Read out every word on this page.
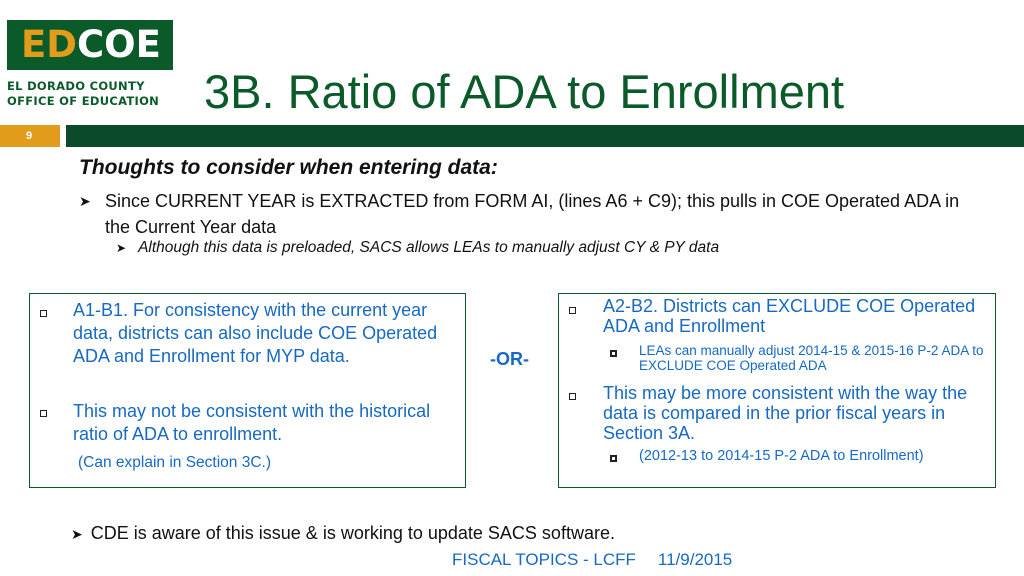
EDCOE
EL DORADO COUNTY
OFFICE OF EDUCATION 3B. Ratio of ADA to Enrollment
9
Thoughts to consider when entering data:
➤ Since CURRENT YEAR is EXTRACTED from FORM AI, (lines A6 + C9); this pulls in COE Operated ADA in the Current Year data
➤ Although this data is preloaded, SACS allows LEAs to manually adjust CY & PY data
A1-B1. For consistency with the current year data, districts can also include COE Operated ADA and Enrollment for MYP data.
This may not be consistent with the historical ratio of ADA to enrollment.
(Can explain in Section 3C.)
-OR-
A2-B2. Districts can EXCLUDE COE Operated ADA and Enrollment
LEAs can manually adjust 2014-15 & 2015-16 P-2 ADA to EXCLUDE COE Operated ADA
This may be more consistent with the way the data is compared in the prior fiscal years in Section 3A.
(2012-13 to 2014-15 P-2 ADA to Enrollment)
➤ CDE is aware of this issue & is working to update SACS software.
FISCAL TOPICS - LCFF 11/9/2015
